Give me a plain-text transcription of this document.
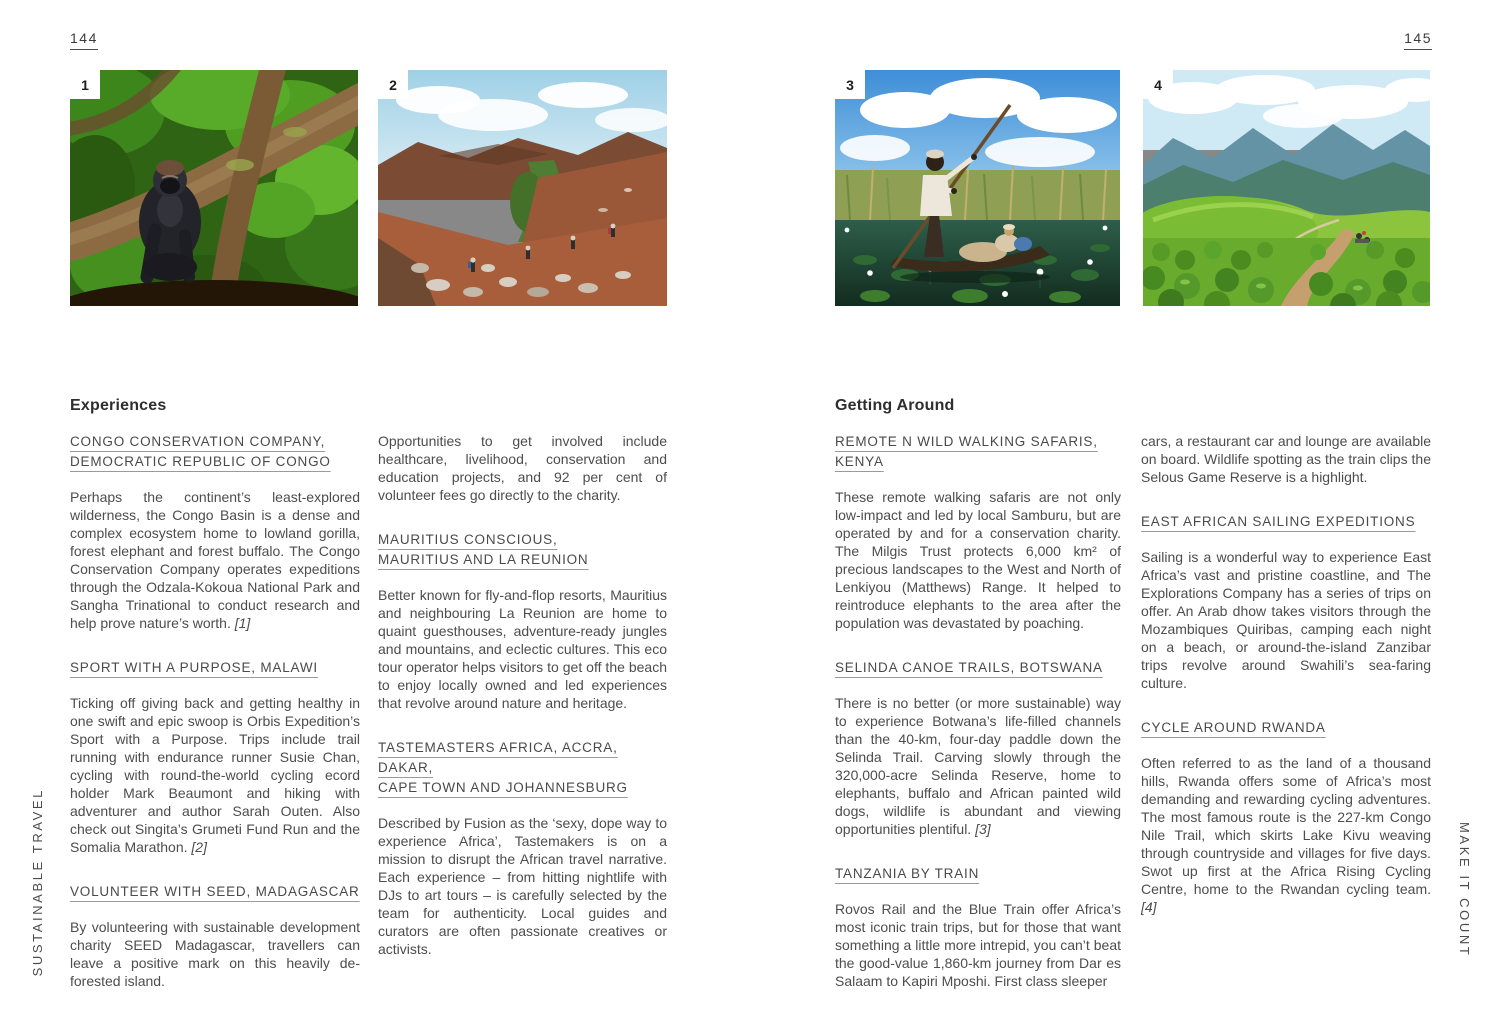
144	145
1	2	3	4
Experiences
CONGO CONSERVATION COMPANY,
DEMOCRATIC REPUBLIC OF CONGO
Perhaps the continent’s least-explored wilderness, the Congo Basin is a dense and complex ecosystem home to lowland gorilla, forest elephant and forest buffalo. The Congo Conservation Company operates expeditions through the Odzala-Kokoua National Park and Sangha Trinational to conduct research and help prove nature’s worth. [1]
SPORT WITH A PURPOSE, MALAWI
Ticking off giving back and getting healthy in one swift and epic swoop is Orbis Expedition’s Sport with a Purpose. Trips include trail running with endurance runner Susie Chan, cycling with round-the-world cycling ecord holder Mark Beaumont and hiking with adventurer and author Sarah Outen. Also check out Singita’s Grumeti Fund Run and the Somalia Marathon. [2]
VOLUNTEER WITH SEED, MADAGASCAR
By volunteering with sustainable development charity SEED Madagascar, travellers can leave a positive mark on this heavily de-forested island.
Opportunities to get involved include healthcare, livelihood, conservation and education projects, and 92 per cent of volunteer fees go directly to the charity.
MAURITIUS CONSCIOUS,
MAURITIUS AND LA REUNION
Better known for fly-and-flop resorts, Mauritius and neighbouring La Reunion are home to quaint guesthouses, adventure-ready jungles and mountains, and eclectic cultures. This eco tour operator helps visitors to get off the beach to enjoy locally owned and led experiences that revolve around nature and heritage.
TASTEMASTERS AFRICA, ACCRA, DAKAR,
CAPE TOWN AND JOHANNESBURG
Described by Fusion as the ‘sexy, dope way to experience Africa’, Tastemakers is on a mission to disrupt the African travel narrative. Each experience – from hitting nightlife with DJs to art tours – is carefully selected by the team for authenticity. Local guides and curators are often passionate creatives or activists.
Getting Around
REMOTE N WILD WALKING SAFARIS, KENYA
These remote walking safaris are not only low-impact and led by local Samburu, but are operated by and for a conservation charity. The Milgis Trust protects 6,000 km² of precious landscapes to the West and North of Lenkiyou (Matthews) Range. It helped to reintroduce elephants to the area after the population was devastated by poaching.
SELINDA CANOE TRAILS, BOTSWANA
There is no better (or more sustainable) way to experience Botwana’s life-filled channels than the 40-km, four-day paddle down the Selinda Trail. Carving slowly through the 320,000-acre Selinda Reserve, home to elephants, buffalo and African painted wild dogs, wildlife is abundant and viewing opportunities plentiful. [3]
TANZANIA BY TRAIN
Rovos Rail and the Blue Train offer Africa’s most iconic train trips, but for those that want something a little more intrepid, you can’t beat the good-value 1,860-km journey from Dar es Salaam to Kapiri Mposhi. First class sleeper
cars, a restaurant car and lounge are available on board. Wildlife spotting as the train clips the Selous Game Reserve is a highlight.
EAST AFRICAN SAILING EXPEDITIONS
Sailing is a wonderful way to experience East Africa’s vast and pristine coastline, and The Explorations Company has a series of trips on offer. An Arab dhow takes visitors through the Mozambiques Quiribas, camping each night on a beach, or around-the-island Zanzibar trips revolve around Swahili’s sea-faring culture.
CYCLE AROUND RWANDA
Often referred to as the land of a thousand hills, Rwanda offers some of Africa’s most demanding and rewarding cycling adventures. The most famous route is the 227-km Congo Nile Trail, which skirts Lake Kivu weaving through countryside and villages for five days. Swot up first at the Africa Rising Cycling Centre, home to the Rwandan cycling team. [4]
SUSTAINABLE TRAVEL	MAKE IT COUNT
